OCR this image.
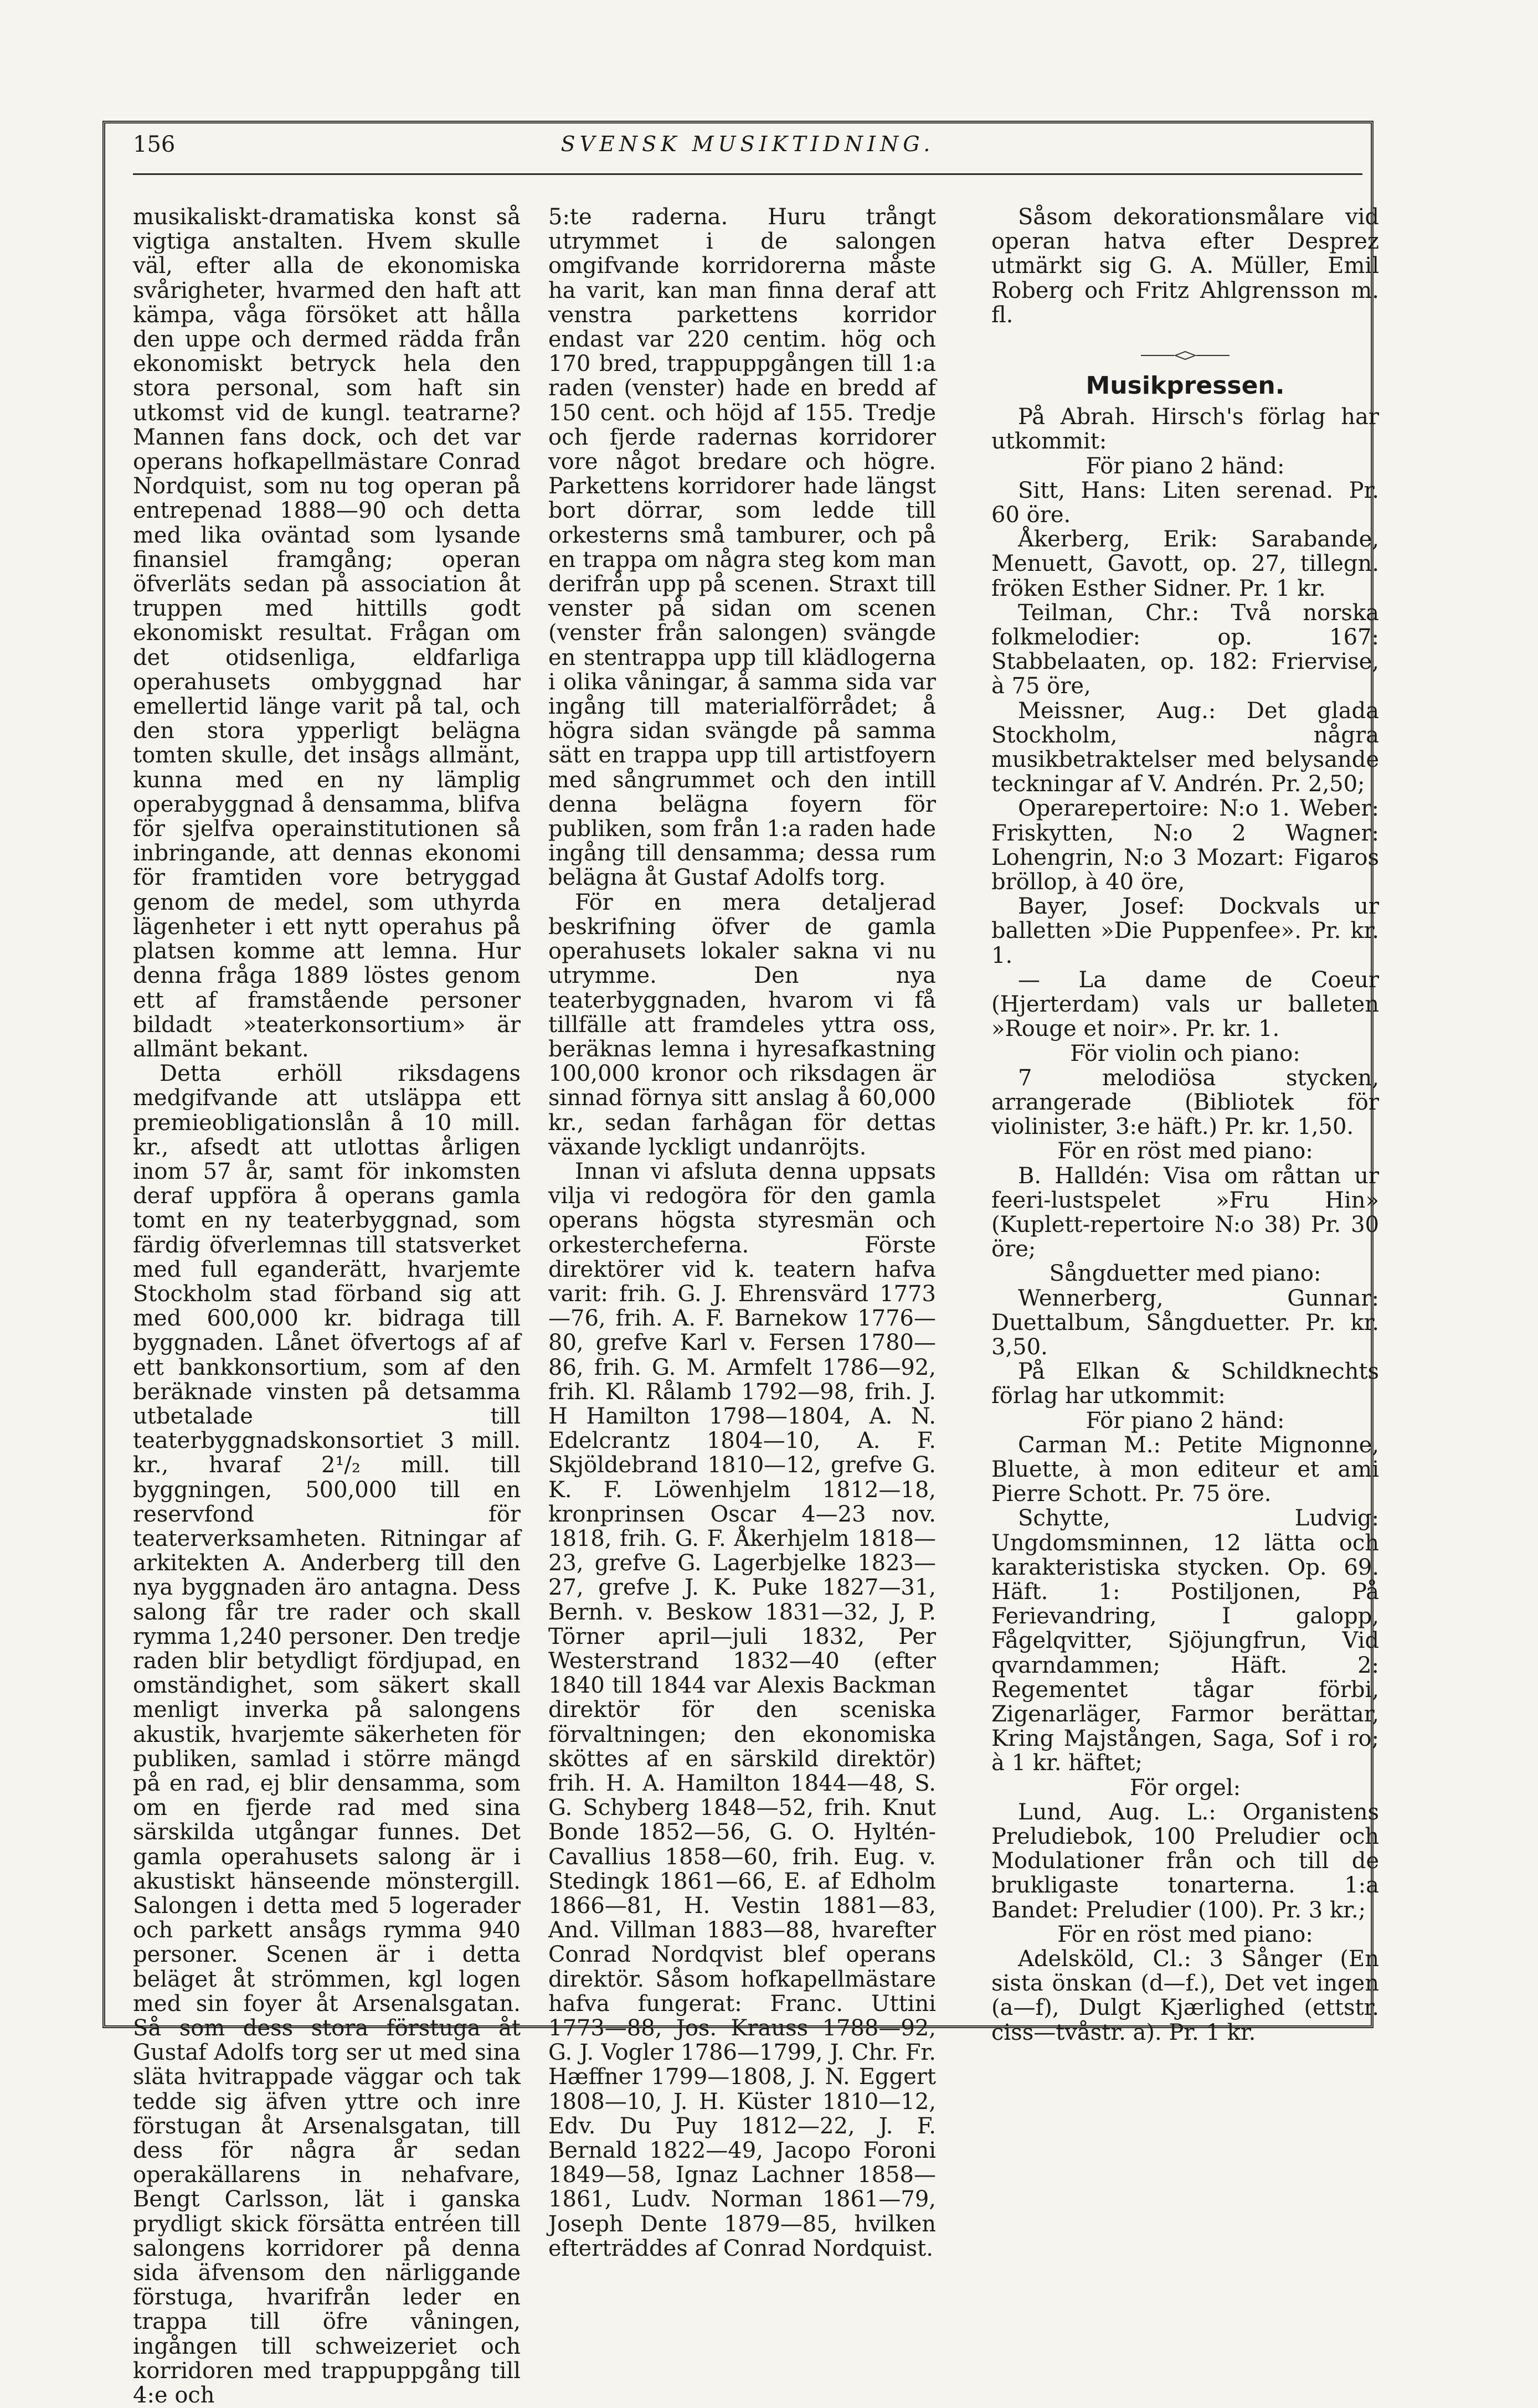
156	SVENSK MUSIKTIDNING.

musikaliskt-dramatiska konst så vigtiga anstalten. Hvem skulle väl, efter alla de ekonomiska svårigheter, hvarmed den haft att kämpa, våga försöket att hålla den uppe och dermed rädda från ekonomiskt betryck hela den stora personal, som haft sin utkomst vid de kungl. teatrarne? Mannen fans dock, och det var operans hofkapellmästare Conrad Nordquist, som nu tog operan på entrepenad 1888—90 och detta med lika oväntad som lysande finansiel framgång; operan öfverläts sedan på association åt truppen med hittills godt ekonomiskt resultat. Frågan om det otidsenliga, eldfarliga operahusets ombyggnad har emellertid länge varit på tal, och den stora ypperligt belägna tomten skulle, det insågs allmänt, kunna med en ny lämplig operabyggnad å densamma, blifva för sjelfva operainstitutionen så inbringande, att dennas ekonomi för framtiden vore betryggad genom de medel, som uthyrda lägenheter i ett nytt operahus på platsen komme att lemna. Hur denna fråga 1889 löstes genom ett af framstående personer bildadt »teaterkonsortium» är allmänt bekant.

Detta erhöll riksdagens medgifvande att utsläppa ett premieobligationslån å 10 mill. kr., afsedt att utlottas årligen inom 57 år, samt för inkomsten deraf uppföra å operans gamla tomt en ny teaterbyggnad, som färdig öfverlemnas till statsverket med full eganderätt, hvarjemte Stockholm stad förband sig att med 600,000 kr. bidraga till byggnaden. Lånet öfvertogs af af ett bankkonsortium, som af den beräknade vinsten på detsamma utbetalade till teaterbyggnadskonsortiet 3 mill. kr., hvaraf 2¹/₂ mill. till byggningen, 500,000 till en reservfond för teaterverksamheten. Ritningar af arkitekten A. Anderberg till den nya byggnaden äro antagna. Dess salong får tre rader och skall rymma 1,240 personer. Den tredje raden blir betydligt fördjupad, en omständighet, som säkert skall menligt inverka på salongens akustik, hvarjemte säkerheten för publiken, samlad i större mängd på en rad, ej blir densamma, som om en fjerde rad med sina särskilda utgångar funnes. Det gamla operahusets salong är i akustiskt hänseende mönstergill. Salongen i detta med 5 logerader och parkett ansågs rymma 940 personer. Scenen är i detta beläget åt strömmen, kgl logen med sin foyer åt Arsenalsgatan. Så som dess stora förstuga åt Gustaf Adolfs torg ser ut med sina släta hvitrappade väggar och tak tedde sig äfven yttre och inre förstugan åt Arsenalsgatan, till dess för några år sedan operakällarens in nehafvare, Bengt Carlsson, lät i ganska prydligt skick försätta entréen till salongens korridorer på denna sida äfvensom den närliggande förstuga, hvarifrån leder en trappa till öfre våningen, ingången till schweizeriet och korridoren med trappuppgång till 4:e och

5:te raderna. Huru trångt utrymmet i de salongen omgifvande korridorerna måste ha varit, kan man finna deraf att venstra parkettens korridor endast var 220 centim. hög och 170 bred, trappuppgången till 1:a raden (venster) hade en bredd af 150 cent. och höjd af 155. Tredje och fjerde radernas korridorer vore något bredare och högre. Parkettens korridorer hade längst bort dörrar, som ledde till orkesterns små tamburer, och på en trappa om några steg kom man derifrån upp på scenen. Straxt till venster på sidan om scenen (venster från salongen) svängde en stentrappa upp till klädlogerna i olika våningar, å samma sida var ingång till materialförrådet; å högra sidan svängde på samma sätt en trappa upp till artistfoyern med sångrummet och den intill denna belägna foyern för publiken, som från 1:a raden hade ingång till densamma; dessa rum belägna åt Gustaf Adolfs torg.

För en mera detaljerad beskrifning öfver de gamla operahusets lokaler sakna vi nu utrymme. Den nya teaterbyggnaden, hvarom vi få tillfälle att framdeles yttra oss, beräknas lemna i hyresafkastning 100,000 kronor och riksdagen är sinnad förnya sitt anslag å 60,000 kr., sedan farhågan för dettas växande lyckligt undanröjts.

Innan vi afsluta denna uppsats vilja vi redogöra för den gamla operans högsta styresmän och orkestercheferna. Förste direktörer vid k. teatern hafva varit: frih. G. J. Ehrensvärd 1773—76, frih. A. F. Barnekow 1776—80, grefve Karl v. Fersen 1780—86, frih. G. M. Armfelt 1786—92, frih. Kl. Rålamb 1792—98, frih. J. H Hamilton 1798—1804, A. N. Edelcrantz 1804—10, A. F. Skjöldebrand 1810—12, grefve G. K. F. Löwenhjelm 1812—18, kronprinsen Oscar 4—23 nov. 1818, frih. G. F. Åkerhjelm 1818—23, grefve G. Lagerbjelke 1823—27, grefve J. K. Puke 1827—31, Bernh. v. Beskow 1831—32, J, P. Törner april—juli 1832, Per Westerstrand 1832—40 (efter 1840 till 1844 var Alexis Backman direktör för den sceniska förvaltningen; den ekonomiska sköttes af en särskild direktör) frih. H. A. Hamilton 1844—48, S. G. Schyberg 1848—52, frih. Knut Bonde 1852—56, G. O. Hyltén-Cavallius 1858—60, frih. Eug. v. Stedingk 1861—66, E. af Edholm 1866—81, H. Vestin 1881—83, And. Villman 1883—88, hvarefter Conrad Nordqvist blef operans direktör. Såsom hofkapellmästare hafva fungerat: Franc. Uttini 1773—88, Jos. Krauss 1788—92, G. J. Vogler 1786—1799, J. Chr. Fr. Hæffner 1799—1808, J. N. Eggert 1808—10, J. H. Küster 1810—12, Edv. Du Puy 1812—22, J. F. Bernald 1822—49, Jacopo Foroni 1849—58, Ignaz Lachner 1858—1861, Ludv. Norman 1861—79, Joseph Dente 1879—85, hvilken efterträddes af Conrad Nordquist.

Såsom dekorationsmålare vid operan hatva efter Desprez utmärkt sig G. A. Müller, Emil Roberg och Fritz Ahlgrensson m. fl.

Musikpressen.

På Abrah. Hirsch's förlag har utkommit:

För piano 2 händ:

Sitt, Hans: Liten serenad. Pr. 60 öre.

Åkerberg, Erik: Sarabande, Menuett, Gavott, op. 27, tillegn. fröken Esther Sidner. Pr. 1 kr.

Teilman, Chr.: Två norska folkmelodier: op. 167: Stabbelaaten, op. 182: Friervise, à 75 öre,

Meissner, Aug.: Det glada Stockholm, några musikbetraktelser med belysande teckningar af V. Andrén. Pr. 2,50;

Operarepertoire: N:o 1. Weber: Friskytten, N:o 2 Wagner: Lohengrin, N:o 3 Mozart: Figaros bröllop, à 40 öre,

Bayer, Josef: Dockvals ur balletten »Die Puppenfee». Pr. kr. 1.

— La dame de Coeur (Hjerterdam) vals ur balleten »Rouge et noir». Pr. kr. 1.

För violin och piano:

7 melodiösa stycken, arrangerade (Bibliotek för violinister, 3:e häft.) Pr. kr. 1,50.

För en röst med piano:

B. Halldén: Visa om råttan ur feeri-lustspelet »Fru Hin» (Kuplett-repertoire N:o 38) Pr. 30 öre;

Sångduetter med piano:

Wennerberg, Gunnar: Duettalbum, Sångduetter. Pr. kr. 3,50.

På Elkan & Schildknechts förlag har utkommit:

För piano 2 händ:

Carman M.: Petite Mignonne, Bluette, à mon editeur et ami Pierre Schott. Pr. 75 öre.

Schytte, Ludvig: Ungdomsminnen, 12 lätta och karakteristiska stycken. Op. 69. Häft. 1: Postiljonen, På Ferievandring, I galopp, Fågelqvitter, Sjöjungfrun, Vid qvarndammen; Häft. 2: Regementet tågar förbi, Zigenarläger, Farmor berättar, Kring Majstången, Saga, Sof i ro; à 1 kr. häftet;

För orgel:

Lund, Aug. L.: Organistens Preludiebok, 100 Preludier och Modulationer från och till de brukligaste tonarterna. 1:a Bandet: Preludier (100). Pr. 3 kr.;

För en röst med piano:

Adelsköld, Cl.: 3 Sånger (En sista önskan (d—f.), Det vet ingen (a—f), Dulgt Kjærlighed (ettstr. ciss—tvåstr. a). Pr. 1 kr.
